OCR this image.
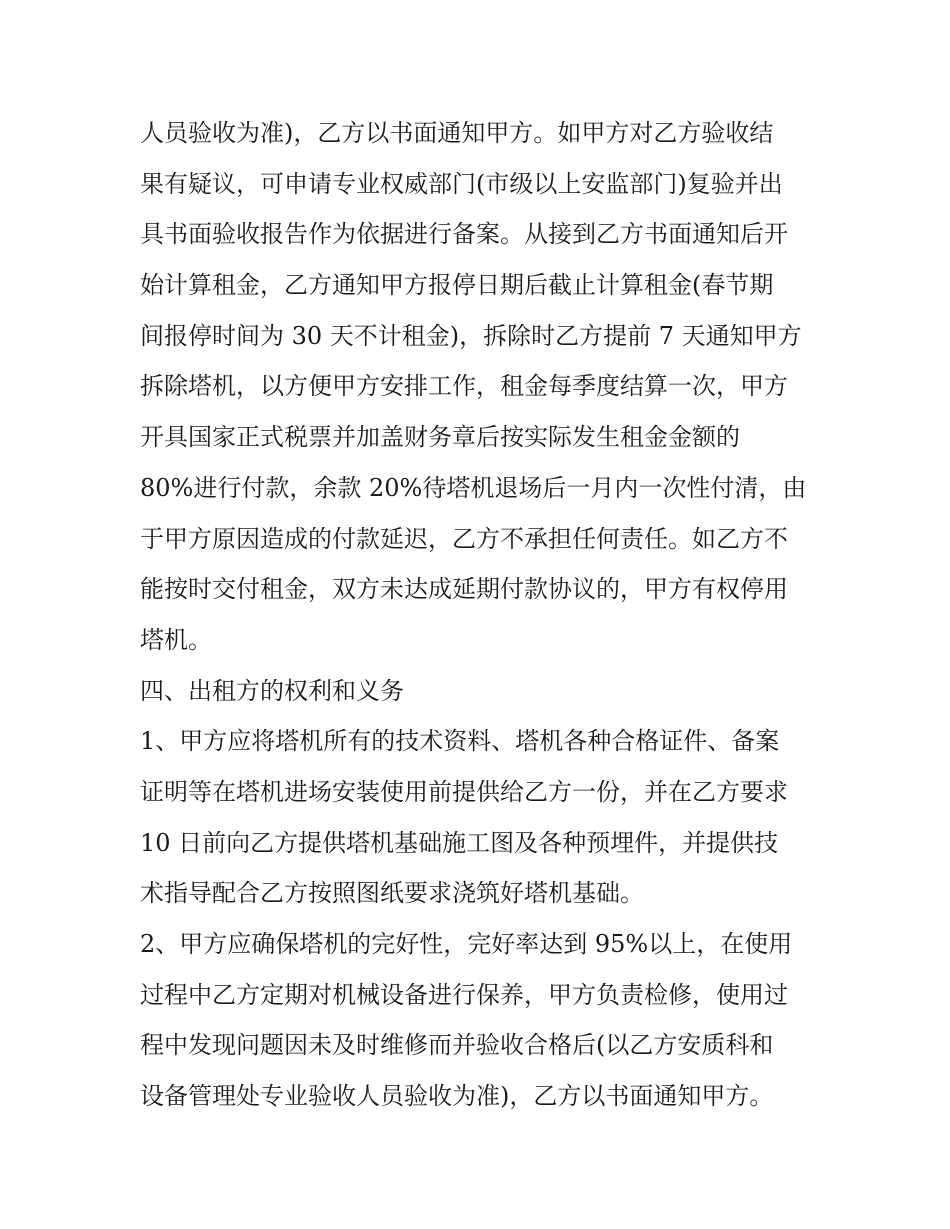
人员验收为准)，乙方以书面通知甲方。如甲方对乙方验收结
果有疑议，可申请专业权威部门(市级以上安监部门)复验并出
具书面验收报告作为依据进行备案。从接到乙方书面通知后开
始计算租金，乙方通知甲方报停日期后截止计算租金(春节期
间报停时间为 30 天不计租金)，拆除时乙方提前 7 天通知甲方
拆除塔机，以方便甲方安排工作，租金每季度结算一次，甲方
开具国家正式税票并加盖财务章后按实际发生租金金额的
80%进行付款，余款 20%待塔机退场后一月内一次性付清，由
于甲方原因造成的付款延迟，乙方不承担任何责任。如乙方不
能按时交付租金，双方未达成延期付款协议的，甲方有权停用
塔机。
四、出租方的权利和义务
1、甲方应将塔机所有的技术资料、塔机各种合格证件、备案
证明等在塔机进场安装使用前提供给乙方一份，并在乙方要求
10 日前向乙方提供塔机基础施工图及各种预埋件，并提供技
术指导配合乙方按照图纸要求浇筑好塔机基础。
2、甲方应确保塔机的完好性，完好率达到 95%以上，在使用
过程中乙方定期对机械设备进行保养，甲方负责检修，使用过
程中发现问题因未及时维修而并验收合格后(以乙方安质科和
设备管理处专业验收人员验收为准)，乙方以书面通知甲方。
